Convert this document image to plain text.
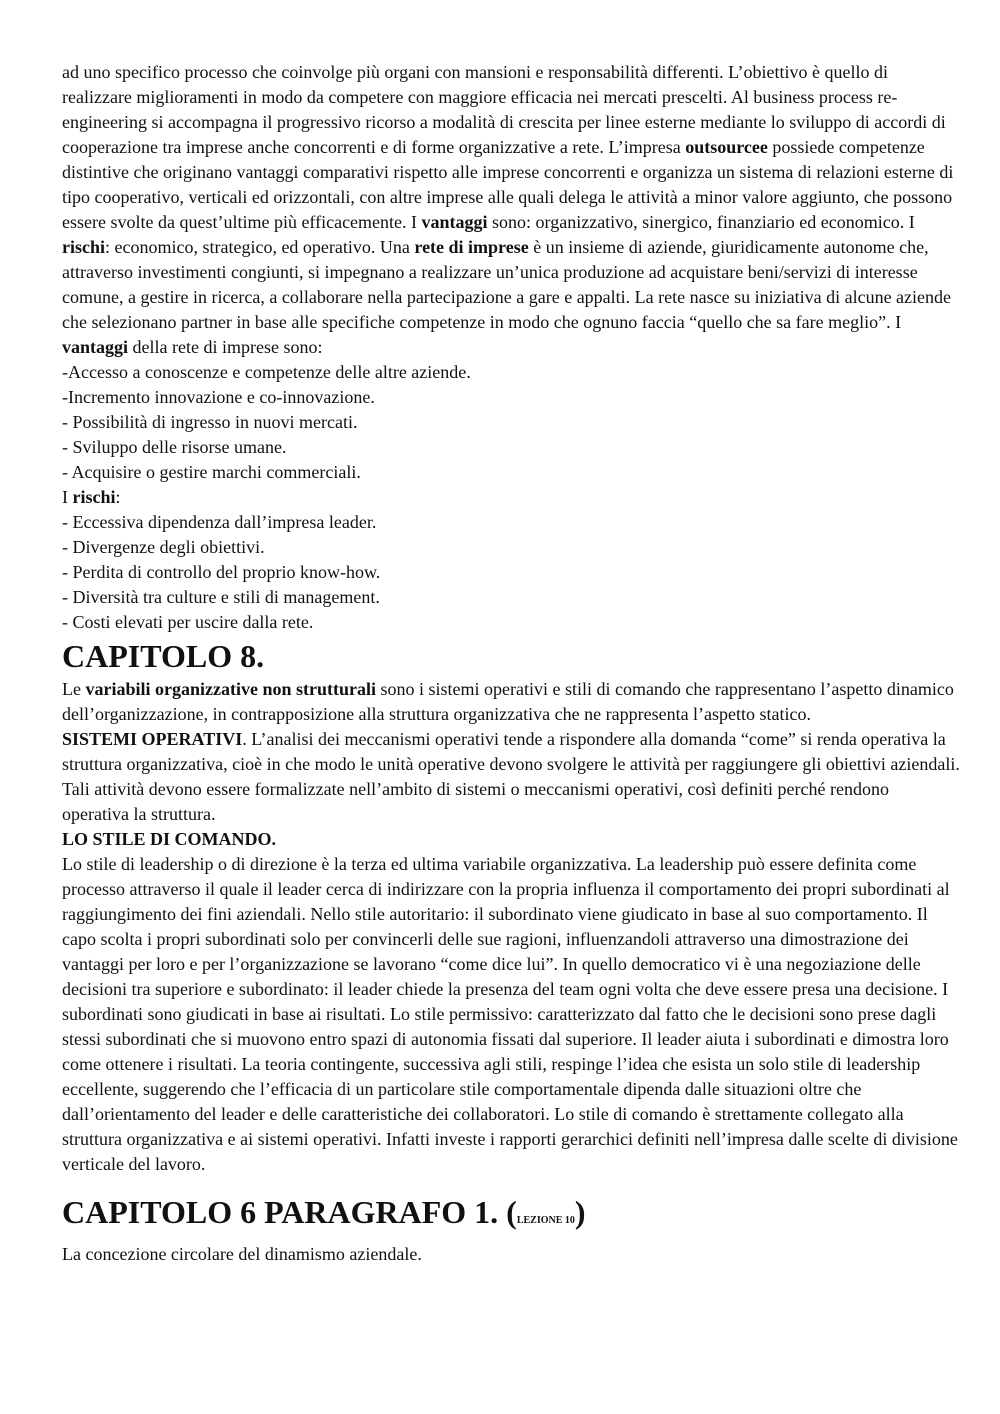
ad uno specifico processo che coinvolge più organi con mansioni e responsabilità differenti. L’obiettivo è quello di realizzare miglioramenti in modo da competere con maggiore efficacia nei mercati prescelti. Al business process re-engineering si accompagna il progressivo ricorso a modalità di crescita per linee esterne mediante lo sviluppo di accordi di cooperazione tra imprese anche concorrenti e di forme organizzative a rete. L’impresa outsourcee possiede competenze distintive che originano vantaggi comparativi rispetto alle imprese concorrenti e organizza un sistema di relazioni esterne di tipo cooperativo, verticali ed orizzontali, con altre imprese alle quali delega le attività a minor valore aggiunto, che possono essere svolte da quest’ultime più efficacemente. I vantaggi sono: organizzativo, sinergico, finanziario ed economico. I rischi: economico, strategico, ed operativo. Una rete di imprese è un insieme di aziende, giuridicamente autonome che, attraverso investimenti congiunti, si impegnano a realizzare un’unica produzione ad acquistare beni/servizi di interesse comune, a gestire in ricerca, a collaborare nella partecipazione a gare e appalti. La rete nasce su iniziativa di alcune aziende che selezionano partner in base alle specifiche competenze in modo che ognuno faccia “quello che sa fare meglio”. I vantaggi della rete di imprese sono:

-Accesso a conoscenze e competenze delle altre aziende.
-Incremento innovazione e co-innovazione.
- Possibilità di ingresso in nuovi mercati.
- Sviluppo delle risorse umane.
- Acquisire o gestire marchi commerciali.

I rischi:

- Eccessiva dipendenza dall’impresa leader.
- Divergenze degli obiettivi.
- Perdita di controllo del proprio know-how.
- Diversità tra culture e stili di management.
- Costi elevati per uscire dalla rete.
CAPITOLO 8.

Le variabili organizzative non strutturali sono i sistemi operativi e stili di comando che rappresentano l’aspetto dinamico dell’organizzazione, in contrapposizione alla struttura organizzativa che ne rappresenta l’aspetto statico.

SISTEMI OPERATIVI. L’analisi dei meccanismi operativi tende a rispondere alla domanda “come” si renda operativa la struttura organizzativa, cioè in che modo le unità operative devono svolgere le attività per raggiungere gli obiettivi aziendali. Tali attività devono essere formalizzate nell’ambito di sistemi o meccanismi operativi, così definiti perché rendono operativa la struttura.

LO STILE DI COMANDO.

Lo stile di leadership o di direzione è la terza ed ultima variabile organizzativa. La leadership può essere definita come processo attraverso il quale il leader cerca di indirizzare con la propria influenza il comportamento dei propri subordinati al raggiungimento dei fini aziendali. Nello stile autoritario: il subordinato viene giudicato in base al suo comportamento. Il capo scolta i propri subordinati solo per convincerli delle sue ragioni, influenzandoli attraverso una dimostrazione dei vantaggi per loro e per l’organizzazione se lavorano “come dice lui”. In quello democratico vi è una negoziazione delle decisioni tra superiore e subordinato: il leader chiede la presenza del team ogni volta che deve essere presa una decisione. I subordinati sono giudicati in base ai risultati. Lo stile permissivo: caratterizzato dal fatto che le decisioni sono prese dagli stessi subordinati che si muovono entro spazi di autonomia fissati dal superiore. Il leader aiuta i subordinati e dimostra loro come ottenere i risultati. La teoria contingente, successiva agli stili, respinge l’idea che esista un solo stile di leadership eccellente, suggerendo che l’efficacia di un particolare stile comportamentale dipenda dalle situazioni oltre che dall’orientamento del leader e delle caratteristiche dei collaboratori. Lo stile di comando è strettamente collegato alla struttura organizzativa e ai sistemi operativi. Infatti investe i rapporti gerarchici definiti nell’impresa dalle scelte di divisione verticale del lavoro.

CAPITOLO 6 PARAGRAFO 1. (LEZIONE 10)

La concezione circolare del dinamismo aziendale.
